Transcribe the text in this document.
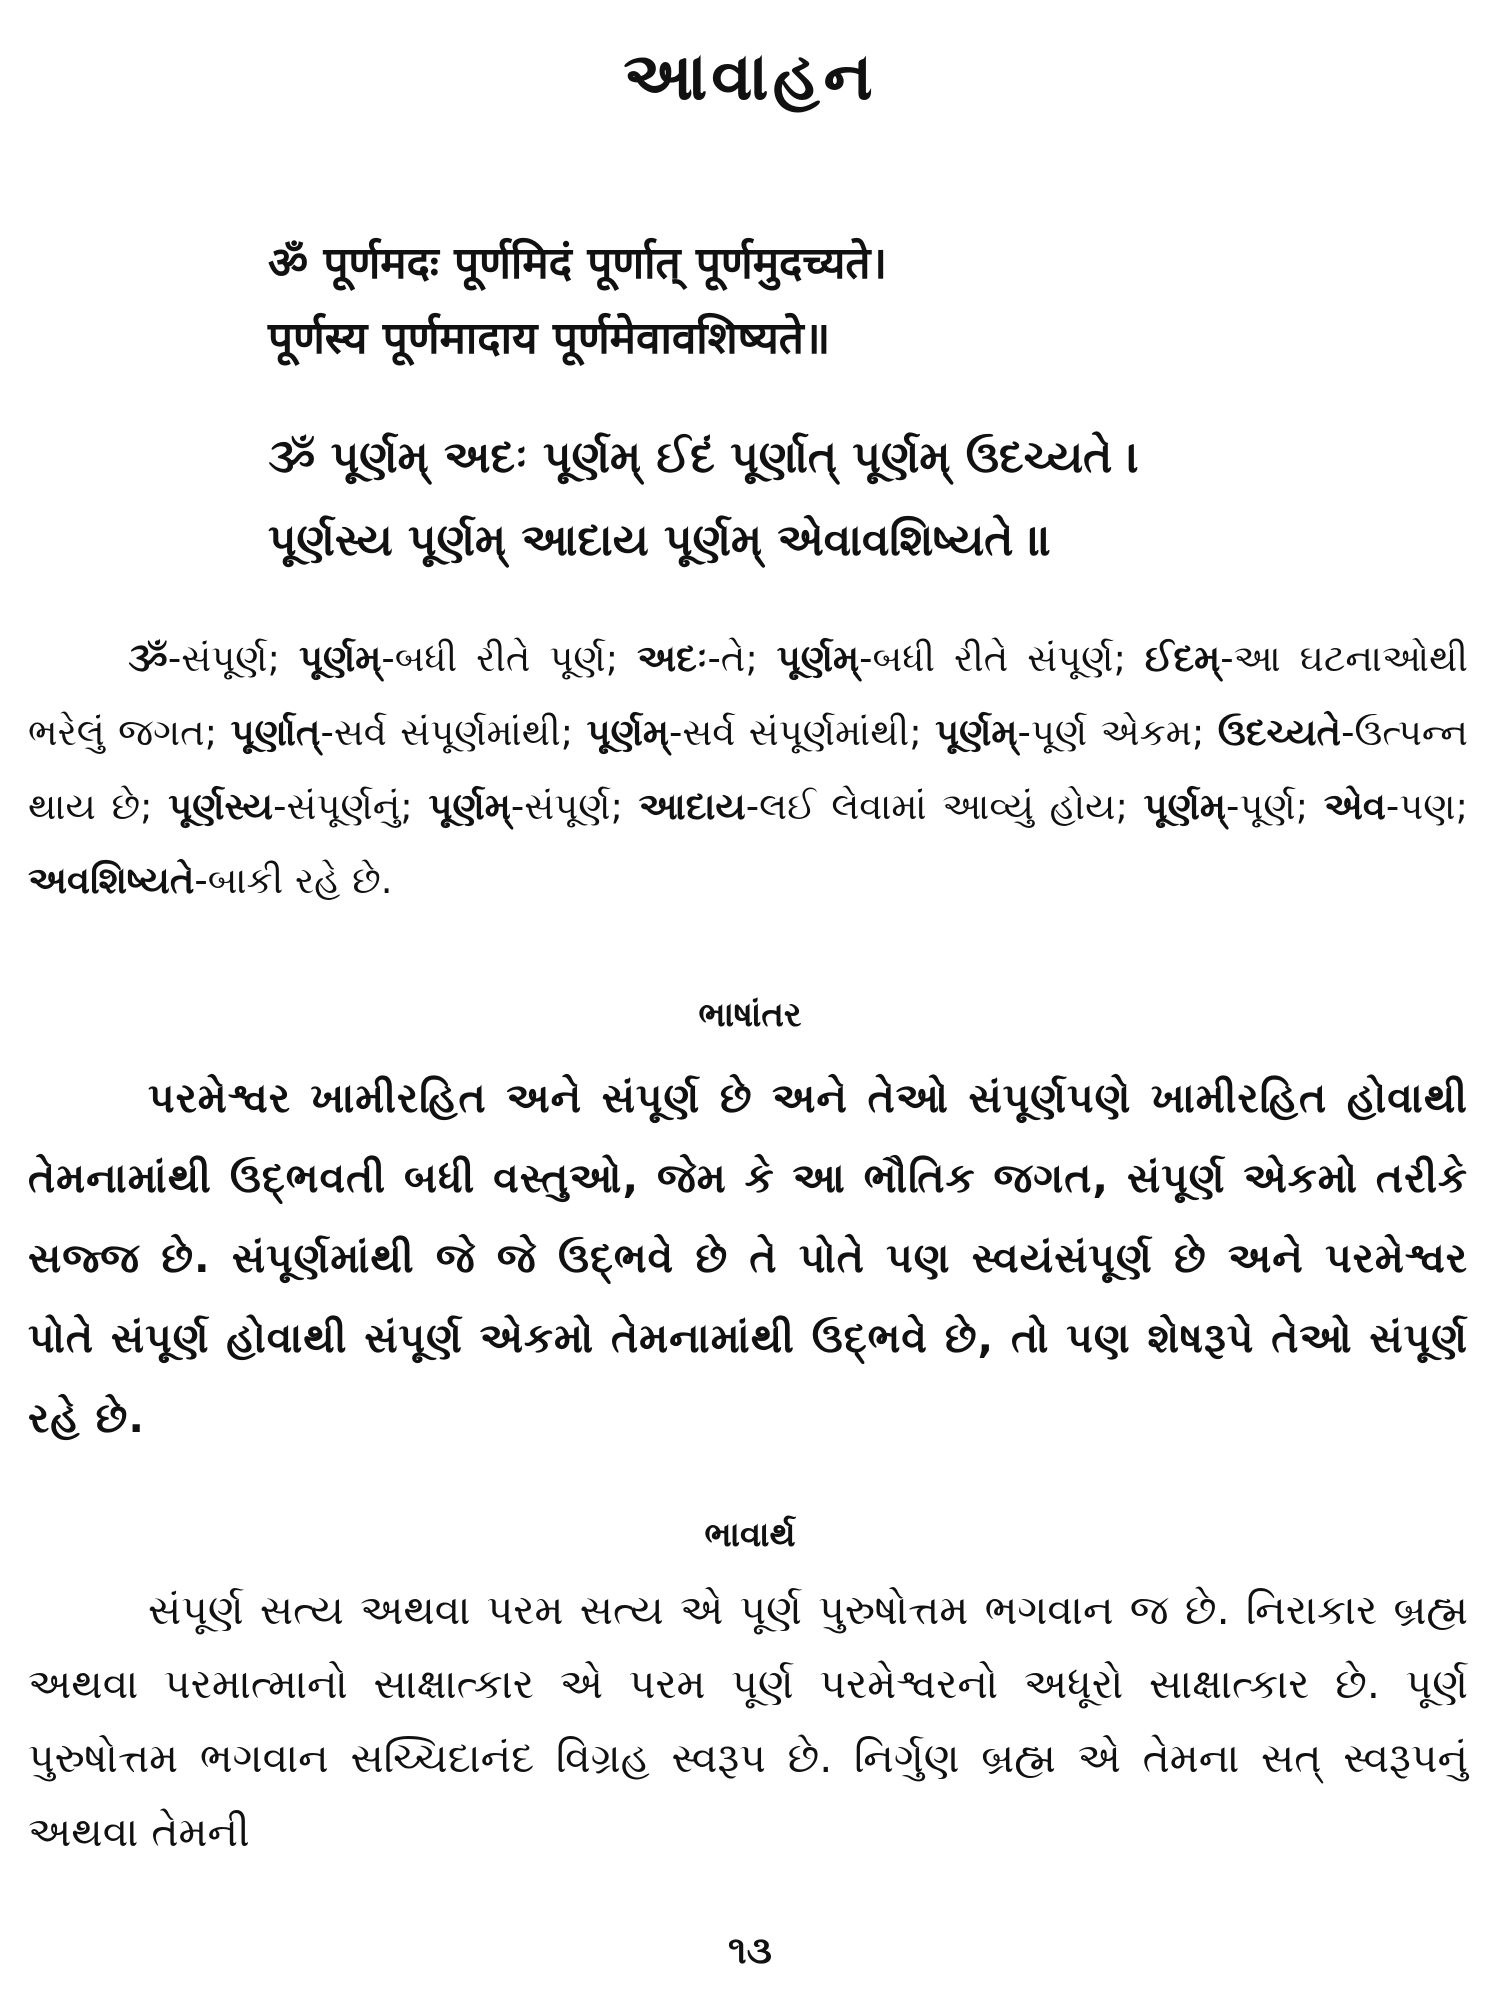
આવાહન
ॐ पूर्णमदः पूर्णमिदं पूर्णात् पूर्णमुदच्यते।
पूर्णस्य पूर्णमादाय पूर्णमेवावशिष्यते॥
ૐ પૂર્ણમ્ અદઃ પૂર્ણમ્ ઈદં પૂર્ણાત્ પૂર્ણમ્ ઉદચ્યતે ।
પૂર્ણસ્ય પૂર્ણમ્ આદાય પૂર્ણમ્ એવાવશિષ્યતે ॥
ૐ-સંપૂર્ણ; પૂર્ણમ્-બધી રીતે પૂર્ણ; અદઃ-તે; પૂર્ણમ્-બધી રીતે સંપૂર્ણ; ઈદમ્-આ ઘટનાઓથી ભરેલું જગત; પૂર્ણાત્-સર્વ સંપૂર્ણમાંથી; પૂર્ણમ્-સર્વ સંપૂર્ણમાંથી; પૂર્ણમ્-પૂર્ણ એકમ; ઉદચ્યતે-ઉત્પન્ન થાય છે; પૂર્ણસ્ય-સંપૂર્ણનું; પૂર્ણમ્-સંપૂર્ણ; આદાય-લઈ લેવામાં આવ્યું હોય; પૂર્ણમ્-પૂર્ણ; એવ-પણ; અવશિષ્યતે-બાકી રહે છે.
ભાષાંતર
પરમેશ્વર ખામીરહિત અને સંપૂર્ણ છે અને તેઓ સંપૂર્ણપણે ખામીરહિત હોવાથી તેમનામાંથી ઉદ્ભવતી બધી વસ્તુઓ, જેમ કે આ ભૌતિક જગત, સંપૂર્ણ એકમો તરીકે સજ્જ છે. સંપૂર્ણમાંથી જે જે ઉદ્ભવે છે તે પોતે પણ સ્વયંસંપૂર્ણ છે અને પરમેશ્વર પોતે સંપૂર્ણ હોવાથી સંપૂર્ણ એકમો તેમનામાંથી ઉદ્ભવે છે, તો પણ શેષરૂપે તેઓ સંપૂર્ણ રહે છે.
ભાવાર્થ
સંપૂર્ણ સત્ય અથવા પરમ સત્ય એ પૂર્ણ પુરુષોત્તમ ભગવાન જ છે. નિરાકાર બ્રહ્મ અથવા પરમાત્માનો સાક્ષાત્કાર એ પરમ પૂર્ણ પરમેશ્વરનો અધૂરો સાક્ષાત્કાર છે. પૂર્ણ પુરુષોત્તમ ભગવાન સચ્ચિદાનંદ વિગ્રહ સ્વરૂપ છે. નિર્ગુણ બ્રહ્મ એ તેમના સત્ સ્વરૂપનું અથવા તેમની
૧૩
